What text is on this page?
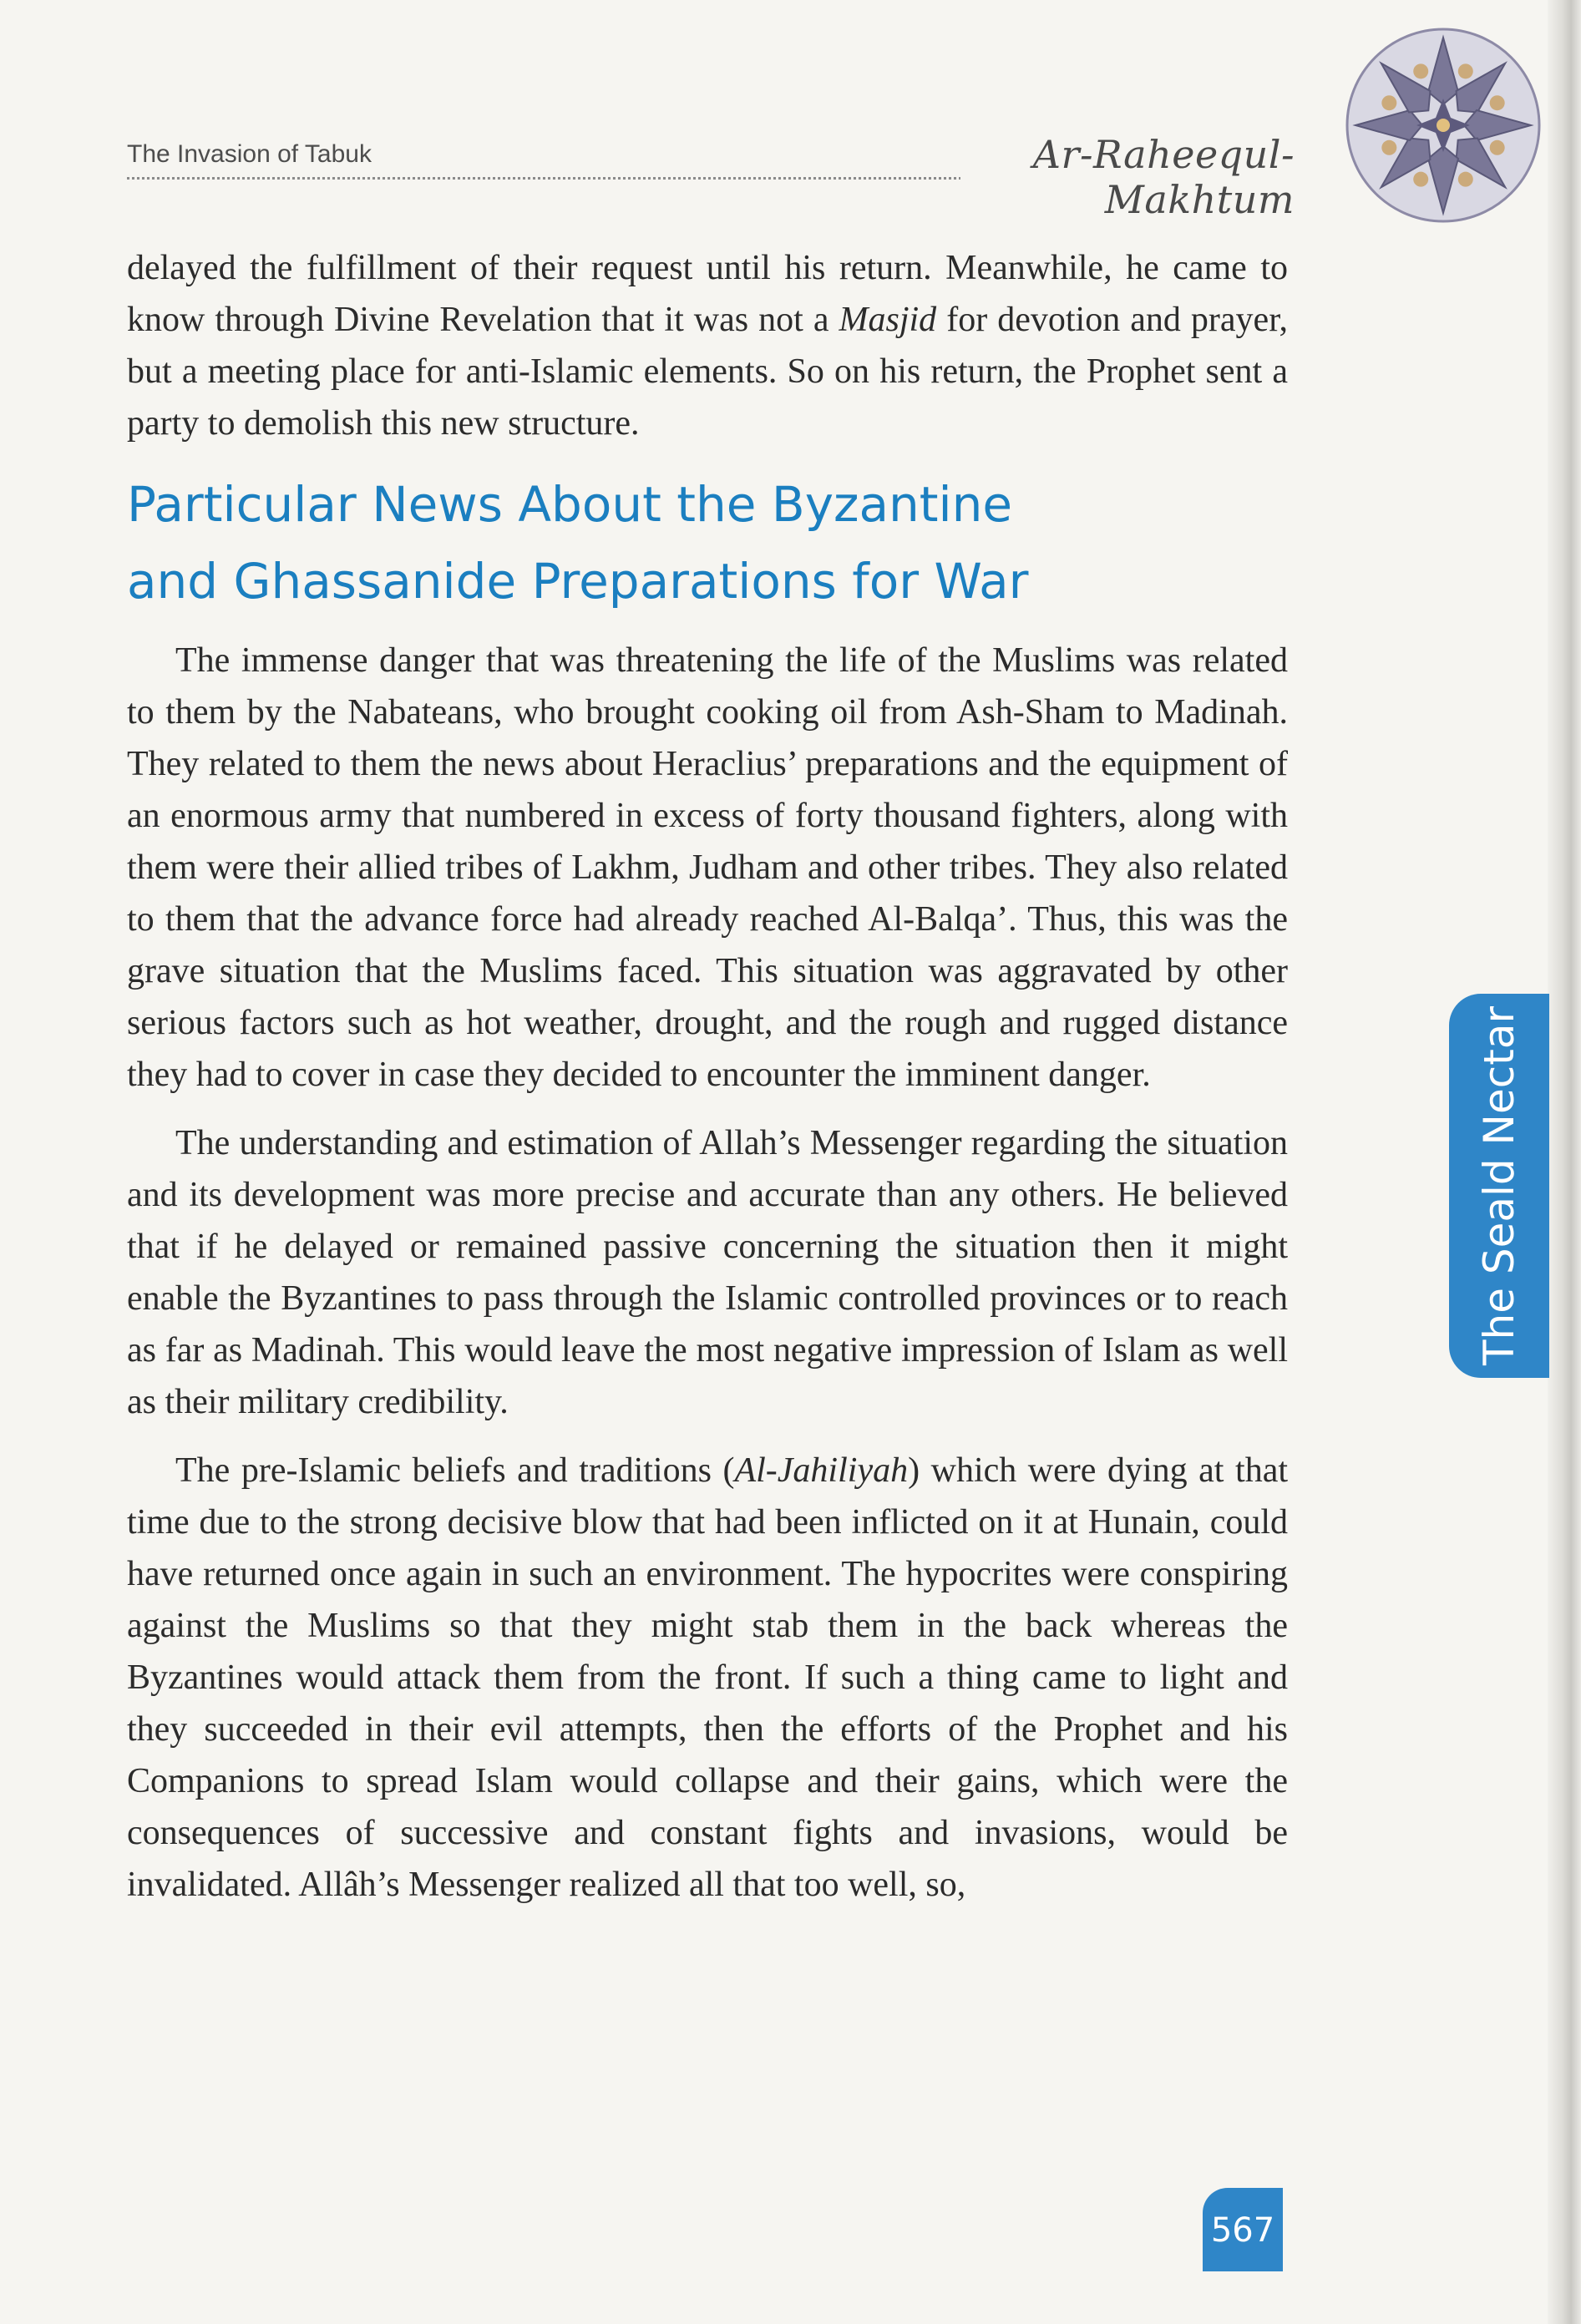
The Invasion of Tabuk	Ar-Raheequl-Makhtum

delayed the fulfillment of their request until his return. Meanwhile, he came to know through Divine Revelation that it was not a Masjid for devotion and prayer, but a meeting place for anti-Islamic elements. So on his return, the Prophet sent a party to demolish this new structure.

Particular News About the Byzantine
and Ghassanide Preparations for War

The immense danger that was threatening the life of the Muslims was related to them by the Nabateans, who brought cooking oil from Ash-Sham to Madinah. They related to them the news about Heraclius’ preparations and the equipment of an enormous army that numbered in excess of forty thousand fighters, along with them were their allied tribes of Lakhm, Judham and other tribes. They also related to them that the advance force had already reached Al-Balqa’. Thus, this was the grave situation that the Muslims faced. This situation was aggravated by other serious factors such as hot weather, drought, and the rough and rugged distance they had to cover in case they decided to encounter the imminent danger.

The understanding and estimation of Allah’s Messenger regarding the situation and its development was more precise and accurate than any others. He believed that if he delayed or remained passive concerning the situation then it might enable the Byzantines to pass through the Islamic controlled provinces or to reach as far as Madinah. This would leave the most negative impression of Islam as well as their military credibility.

The pre-Islamic beliefs and traditions (Al-Jahiliyah) which were dying at that time due to the strong decisive blow that had been inflicted on it at Hunain, could have returned once again in such an environment. The hypocrites were conspiring against the Muslims so that they might stab them in the back whereas the Byzantines would attack them from the front. If such a thing came to light and they succeeded in their evil attempts, then the efforts of the Prophet and his Companions to spread Islam would collapse and their gains, which were the consequences of successive and constant fights and invasions, would be invalidated. Allâh’s Messenger realized all that too well, so,

The Seald Nectar
567
